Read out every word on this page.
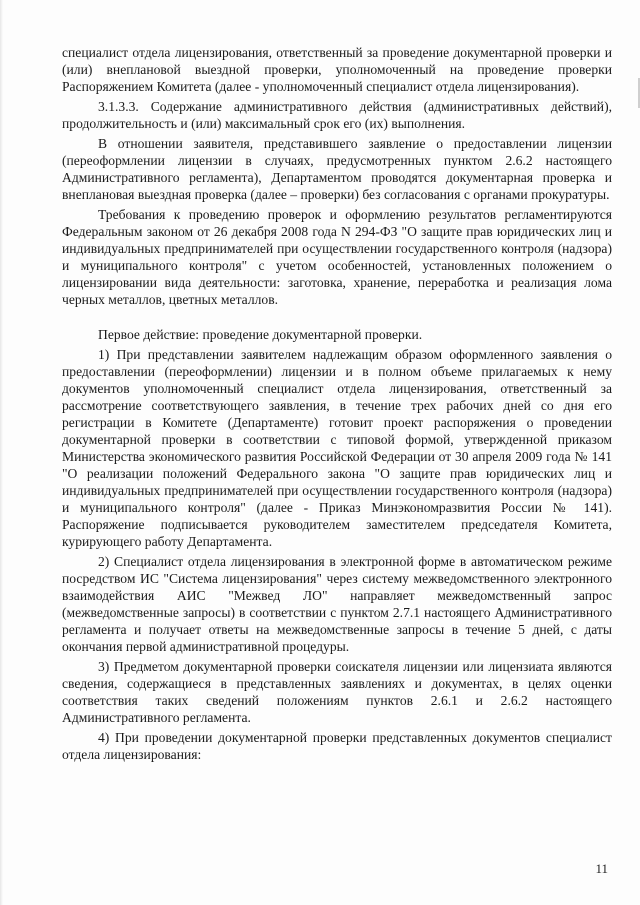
специалист отдела лицензирования, ответственный за проведение документарной проверки и (или) внеплановой выездной проверки, уполномоченный на проведение проверки Распоряжением Комитета (далее - уполномоченный специалист отдела лицензирования).

3.1.3.3. Содержание административного действия (административных действий), продолжительность и (или) максимальный срок его (их) выполнения.

В отношении заявителя, представившего заявление о предоставлении лицензии (переоформлении лицензии в случаях, предусмотренных пунктом 2.6.2 настоящего Административного регламента), Департаментом проводятся документарная проверка и внеплановая выездная проверка (далее – проверки) без согласования с органами прокуратуры.

Требования к проведению проверок и оформлению результатов регламентируются Федеральным законом от 26 декабря 2008 года N 294-ФЗ "О защите прав юридических лиц и индивидуальных предпринимателей при осуществлении государственного контроля (надзора) и муниципального контроля" с учетом особенностей, установленных положением о лицензировании вида деятельности: заготовка, хранение, переработка и реализация лома черных металлов, цветных металлов.

Первое действие: проведение документарной проверки.

1) При представлении заявителем надлежащим образом оформленного заявления о предоставлении (переоформлении) лицензии и в полном объеме прилагаемых к нему документов уполномоченный специалист отдела лицензирования, ответственный за рассмотрение соответствующего заявления, в течение трех рабочих дней со дня его регистрации в Комитете (Департаменте) готовит проект распоряжения о проведении документарной проверки в соответствии с типовой формой, утвержденной приказом Министерства экономического развития Российской Федерации от 30 апреля 2009 года № 141 "О реализации положений Федерального закона "О защите прав юридических лиц и индивидуальных предпринимателей при осуществлении государственного контроля (надзора) и муниципального контроля" (далее - Приказ Минэкономразвития России № 141). Распоряжение подписывается руководителем заместителем председателя Комитета, курирующего работу Департамента.

2) Специалист отдела лицензирования в электронной форме в автоматическом режиме посредством ИС "Система лицензирования" через систему межведомственного электронного взаимодействия АИС "Межвед ЛО" направляет межведомственный запрос (межведомственные запросы) в соответствии с пунктом 2.7.1 настоящего Административного регламента и получает ответы на межведомственные запросы в течение 5 дней, с даты окончания первой административной процедуры.

3) Предметом документарной проверки соискателя лицензии или лицензиата являются сведения, содержащиеся в представленных заявлениях и документах, в целях оценки соответствия таких сведений положениям пунктов 2.6.1 и 2.6.2 настоящего Административного регламента.

4) При проведении документарной проверки представленных документов специалист отдела лицензирования:

11
